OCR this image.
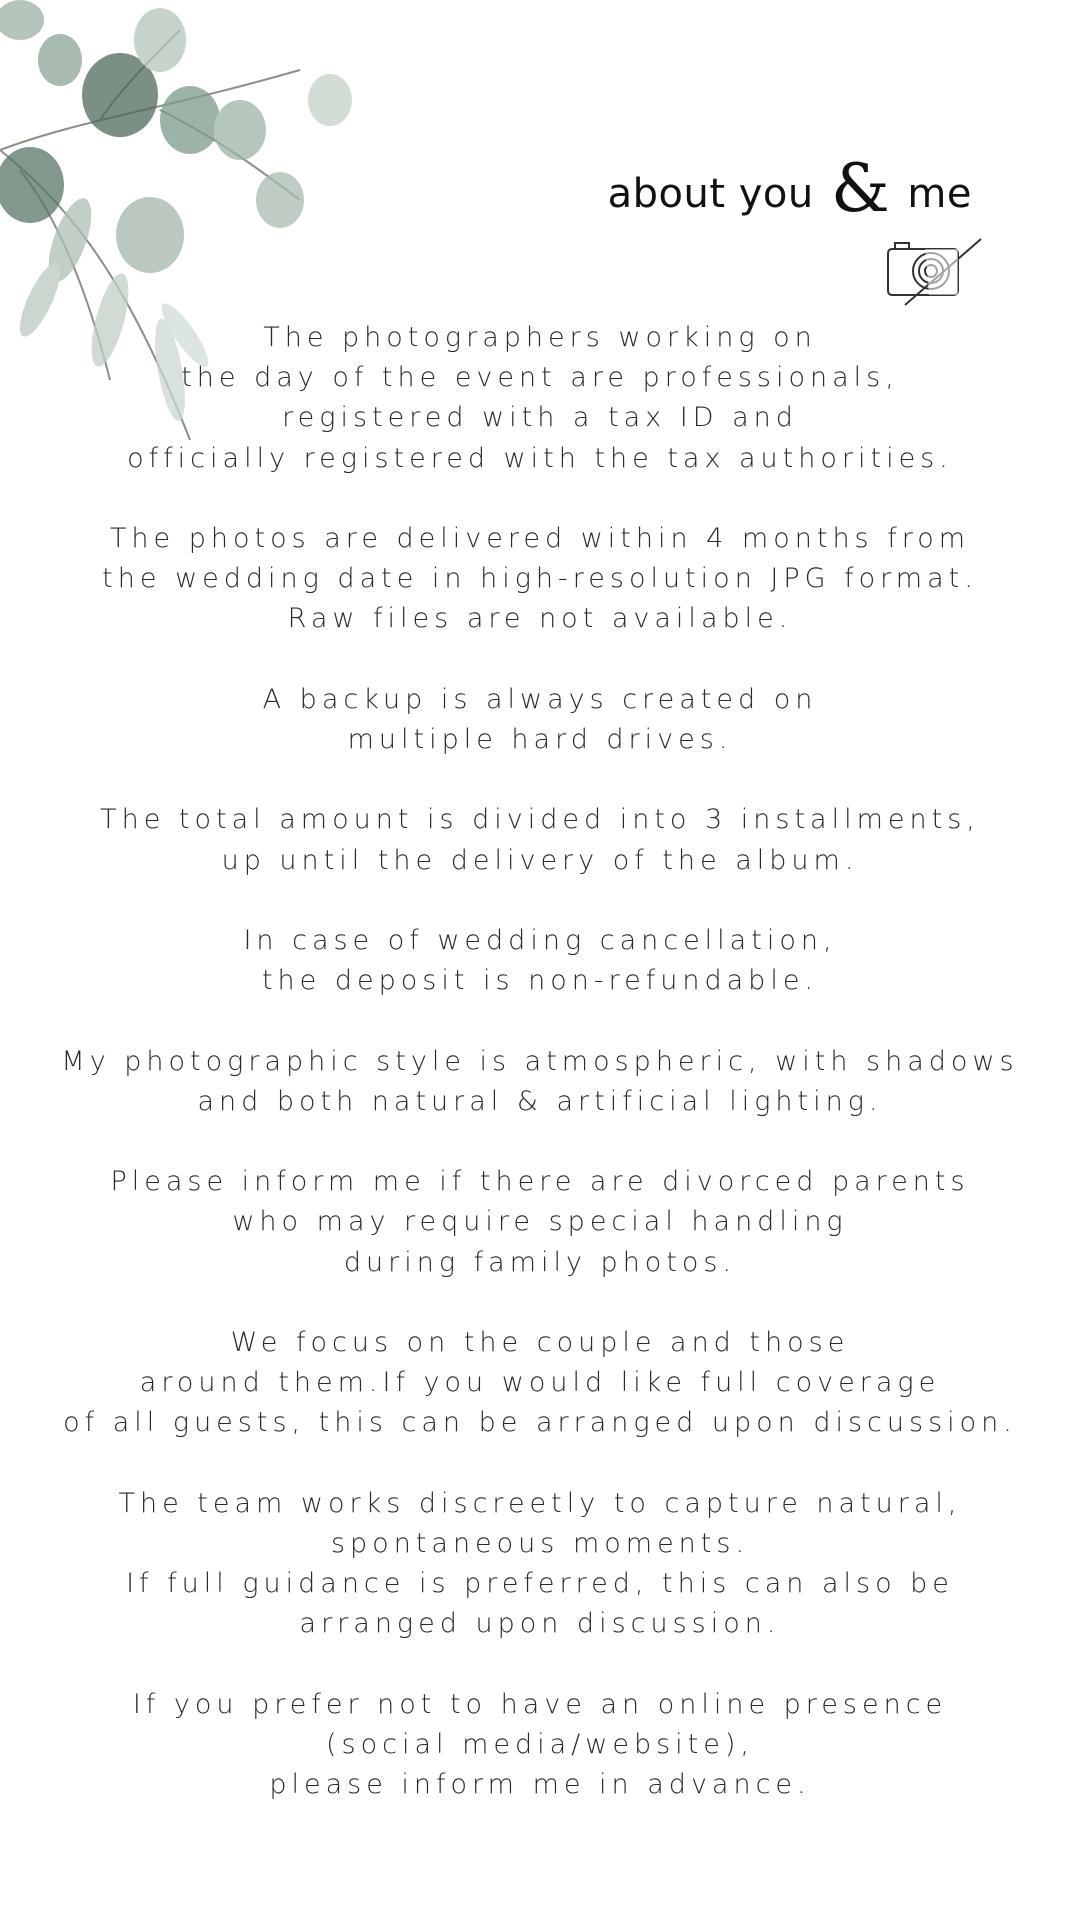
about you & me

The photographers working on
the day of the event are professionals,
registered with a tax ID and
officially registered with the tax authorities.

The photos are delivered within 4 months from
the wedding date in high-resolution JPG format.
Raw files are not available.

A backup is always created on
multiple hard drives.

The total amount is divided into 3 installments,
up until the delivery of the album.

In case of wedding cancellation,
the deposit is non-refundable.

My photographic style is atmospheric, with shadows
and both natural & artificial lighting.

Please inform me if there are divorced parents
who may require special handling
during family photos.

We focus on the couple and those
around them.If you would like full coverage
of all guests, this can be arranged upon discussion.

The team works discreetly to capture natural,
spontaneous moments.
If full guidance is preferred, this can also be
arranged upon discussion.

If you prefer not to have an online presence
(social media/website),
please inform me in advance.
